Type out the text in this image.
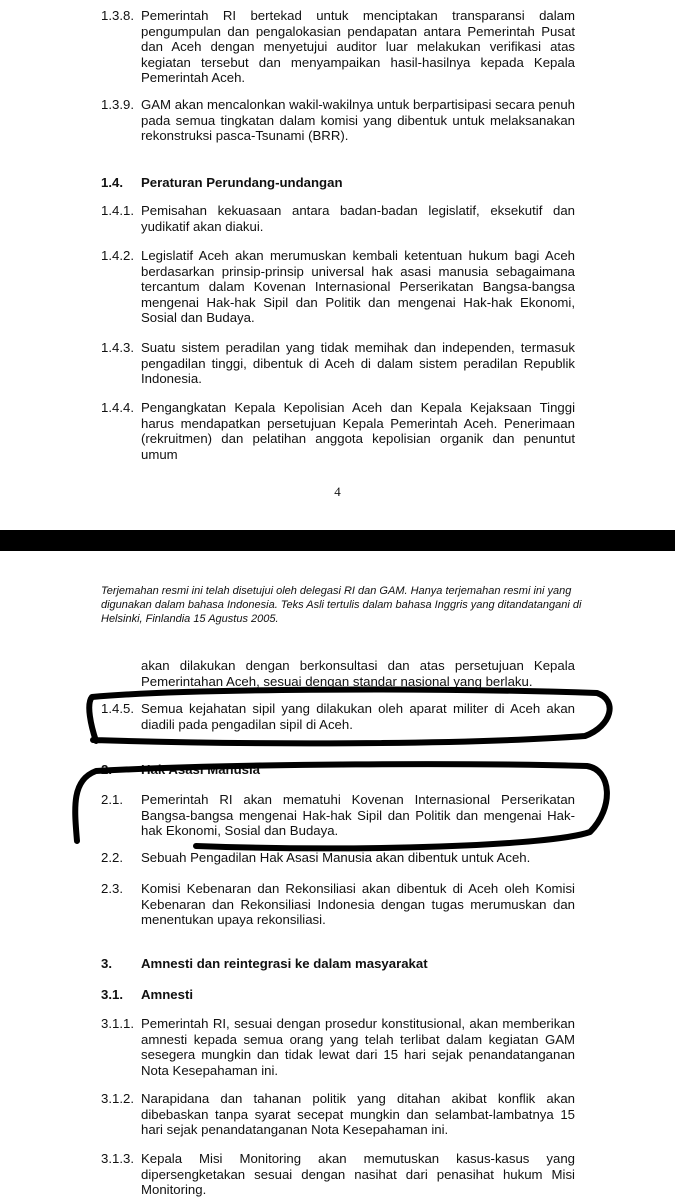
1.3.8. Pemerintah RI bertekad untuk menciptakan transparansi dalam pengumpulan dan pengalokasian pendapatan antara Pemerintah Pusat dan Aceh dengan menyetujui auditor luar melakukan verifikasi atas kegiatan tersebut dan menyampaikan hasil-hasilnya kepada Kepala Pemerintah Aceh.
1.3.9. GAM akan mencalonkan wakil-wakilnya untuk berpartisipasi secara penuh pada semua tingkatan dalam komisi yang dibentuk untuk melaksanakan rekonstruksi pasca-Tsunami (BRR).
1.4. Peraturan Perundang-undangan
1.4.1. Pemisahan kekuasaan antara badan-badan legislatif, eksekutif dan yudikatif akan diakui.
1.4.2. Legislatif Aceh akan merumuskan kembali ketentuan hukum bagi Aceh berdasarkan prinsip-prinsip universal hak asasi manusia sebagaimana tercantum dalam Kovenan Internasional Perserikatan Bangsa-bangsa mengenai Hak-hak Sipil dan Politik dan mengenai Hak-hak Ekonomi, Sosial dan Budaya.
1.4.3. Suatu sistem peradilan yang tidak memihak dan independen, termasuk pengadilan tinggi, dibentuk di Aceh di dalam sistem peradilan Republik Indonesia.
1.4.4. Pengangkatan Kepala Kepolisian Aceh dan Kepala Kejaksaan Tinggi harus mendapatkan persetujuan Kepala Pemerintah Aceh. Penerimaan (rekruitmen) dan pelatihan anggota kepolisian organik dan penuntut umum
4
Terjemahan resmi ini telah disetujui oleh delegasi RI dan GAM. Hanya terjemahan resmi ini yang digunakan dalam bahasa Indonesia. Teks Asli tertulis dalam bahasa Inggris yang ditandatangani di Helsinki, Finlandia 15 Agustus 2005.
akan dilakukan dengan berkonsultasi dan atas persetujuan Kepala Pemerintahan Aceh, sesuai dengan standar nasional yang berlaku.
1.4.5. Semua kejahatan sipil yang dilakukan oleh aparat militer di Aceh akan diadili pada pengadilan sipil di Aceh.
2. Hak Asasi Manusia
2.1. Pemerintah RI akan mematuhi Kovenan Internasional Perserikatan Bangsa-bangsa mengenai Hak-hak Sipil dan Politik dan mengenai Hak-hak Ekonomi, Sosial dan Budaya.
2.2. Sebuah Pengadilan Hak Asasi Manusia akan dibentuk untuk Aceh.
2.3. Komisi Kebenaran dan Rekonsiliasi akan dibentuk di Aceh oleh Komisi Kebenaran dan Rekonsiliasi Indonesia dengan tugas merumuskan dan menentukan upaya rekonsiliasi.
3. Amnesti dan reintegrasi ke dalam masyarakat
3.1. Amnesti
3.1.1. Pemerintah RI, sesuai dengan prosedur konstitusional, akan memberikan amnesti kepada semua orang yang telah terlibat dalam kegiatan GAM sesegera mungkin dan tidak lewat dari 15 hari sejak penandatanganan Nota Kesepahaman ini.
3.1.2. Narapidana dan tahanan politik yang ditahan akibat konflik akan dibebaskan tanpa syarat secepat mungkin dan selambat-lambatnya 15 hari sejak penandatanganan Nota Kesepahaman ini.
3.1.3. Kepala Misi Monitoring akan memutuskan kasus-kasus yang dipersengketakan sesuai dengan nasihat dari penasihat hukum Misi Monitoring.
